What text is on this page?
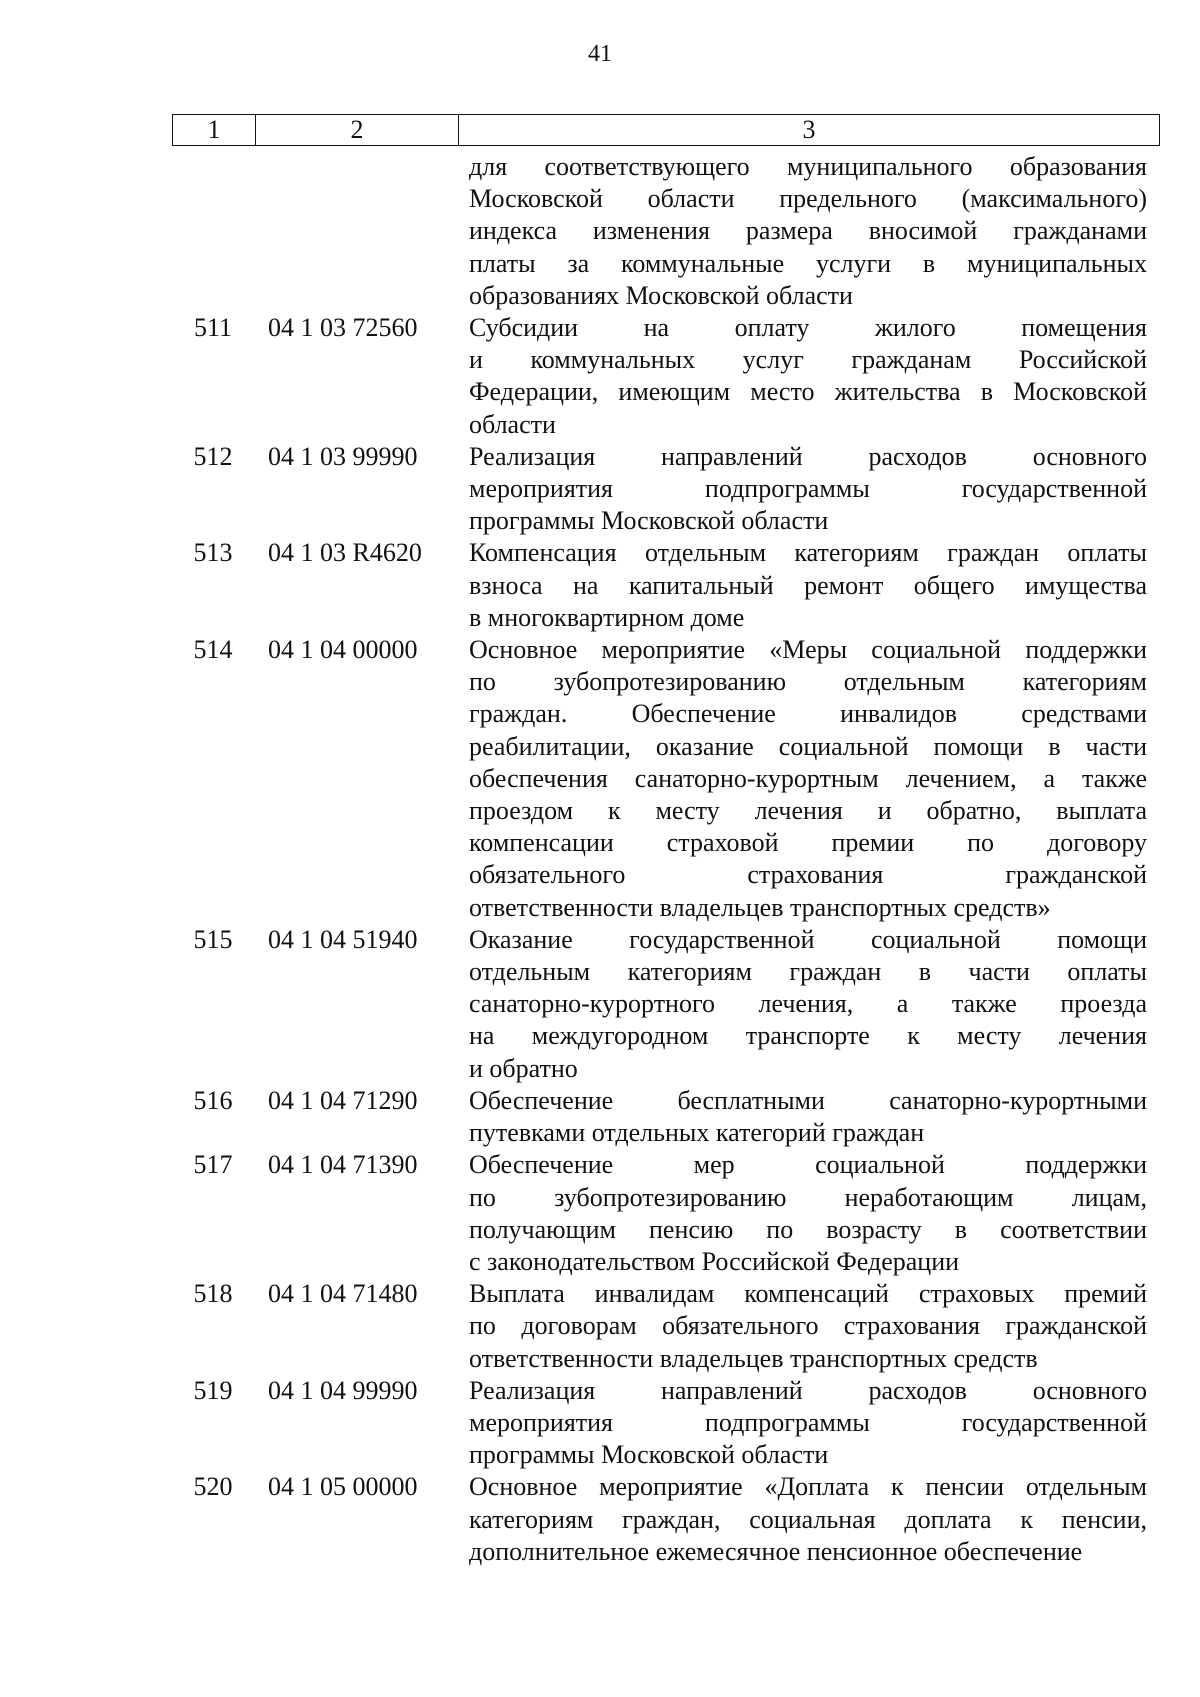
41
1	2	3
для соответствующего муниципального образования
Московской области предельного (максимального)
индекса изменения размера вносимой гражданами
платы за коммунальные услуги в муниципальных
образованиях Московской области
511	04 1 03 72560	Субсидии на оплату жилого помещения
и коммунальных услуг гражданам Российской
Федерации, имеющим место жительства в Московской
области
512	04 1 03 99990	Реализация направлений расходов основного
мероприятия подпрограммы государственной
программы Московской области
513	04 1 03 R4620	Компенсация отдельным категориям граждан оплаты
взноса на капитальный ремонт общего имущества
в многоквартирном доме
514	04 1 04 00000	Основное мероприятие «Меры социальной поддержки
по зубопротезированию отдельным категориям
граждан. Обеспечение инвалидов средствами
реабилитации, оказание социальной помощи в части
обеспечения санаторно-курортным лечением, а также
проездом к месту лечения и обратно, выплата
компенсации страховой премии по договору
обязательного страхования гражданской
ответственности владельцев транспортных средств»
515	04 1 04 51940	Оказание государственной социальной помощи
отдельным категориям граждан в части оплаты
санаторно-курортного лечения, а также проезда
на междугородном транспорте к месту лечения
и обратно
516	04 1 04 71290	Обеспечение бесплатными санаторно-курортными
путевками отдельных категорий граждан
517	04 1 04 71390	Обеспечение мер социальной поддержки
по зубопротезированию неработающим лицам,
получающим пенсию по возрасту в соответствии
с законодательством Российской Федерации
518	04 1 04 71480	Выплата инвалидам компенсаций страховых премий
по договорам обязательного страхования гражданской
ответственности владельцев транспортных средств
519	04 1 04 99990	Реализация направлений расходов основного
мероприятия подпрограммы государственной
программы Московской области
520	04 1 05 00000	Основное мероприятие «Доплата к пенсии отдельным
категориям граждан, социальная доплата к пенсии,
дополнительное ежемесячное пенсионное обеспечение
